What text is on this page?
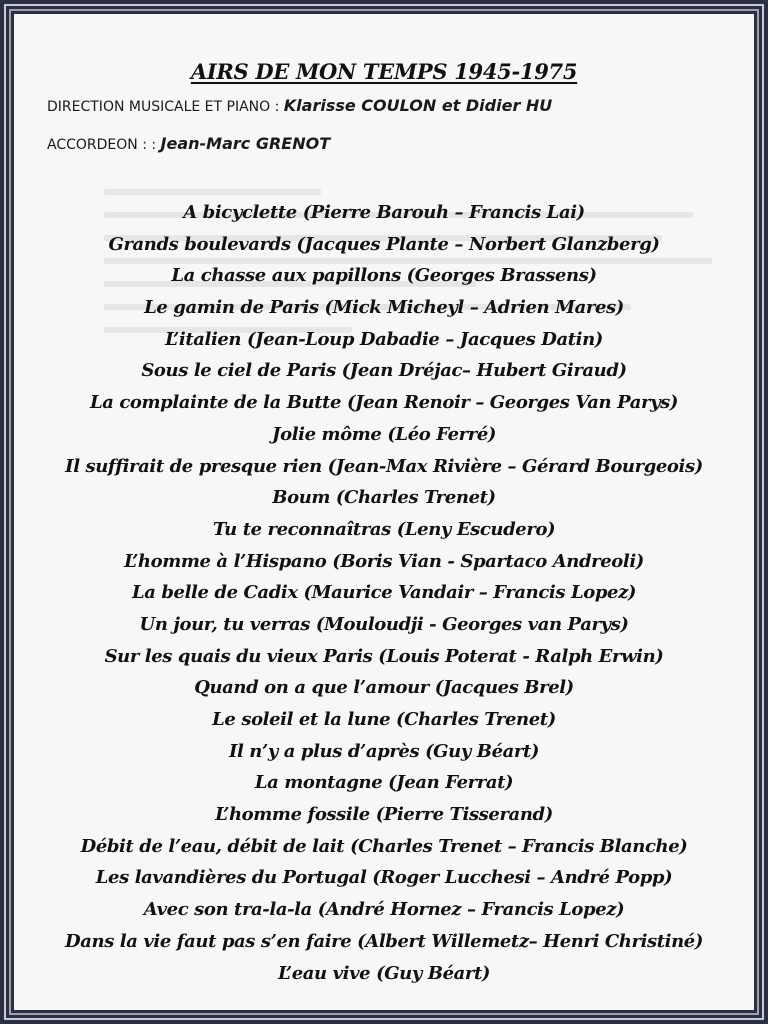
AIRS DE MON TEMPS 1945-1975
DIRECTION MUSICALE ET PIANO : Klarisse COULON et Didier HU
ACCORDEON : : Jean-Marc GRENOT
A bicyclette (Pierre Barouh – Francis Lai)
Grands boulevards (Jacques Plante – Norbert Glanzberg)
La chasse aux papillons (Georges Brassens)
Le gamin de Paris (Mick Micheyl – Adrien Mares)
L’italien (Jean-Loup Dabadie – Jacques Datin)
Sous le ciel de Paris (Jean Dréjac– Hubert Giraud)
La complainte de la Butte (Jean Renoir – Georges Van Parys)
Jolie môme (Léo Ferré)
Il suffirait de presque rien (Jean-Max Rivière – Gérard Bourgeois)
Boum (Charles Trenet)
Tu te reconnaîtras (Leny Escudero)
L’homme à l’Hispano (Boris Vian - Spartaco Andreoli)
La belle de Cadix (Maurice Vandair – Francis Lopez)
Un jour, tu verras (Mouloudji - Georges van Parys)
Sur les quais du vieux Paris (Louis Poterat - Ralph Erwin)
Quand on a que l’amour (Jacques Brel)
Le soleil et la lune (Charles Trenet)
Il n’y a plus d’après (Guy Béart)
La montagne (Jean Ferrat)
L’homme fossile (Pierre Tisserand)
Débit de l’eau, débit de lait (Charles Trenet – Francis Blanche)
Les lavandières du Portugal (Roger Lucchesi – André Popp)
Avec son tra-la-la (André Hornez – Francis Lopez)
Dans la vie faut pas s’en faire (Albert Willemetz– Henri Christiné)
L’eau vive (Guy Béart)
